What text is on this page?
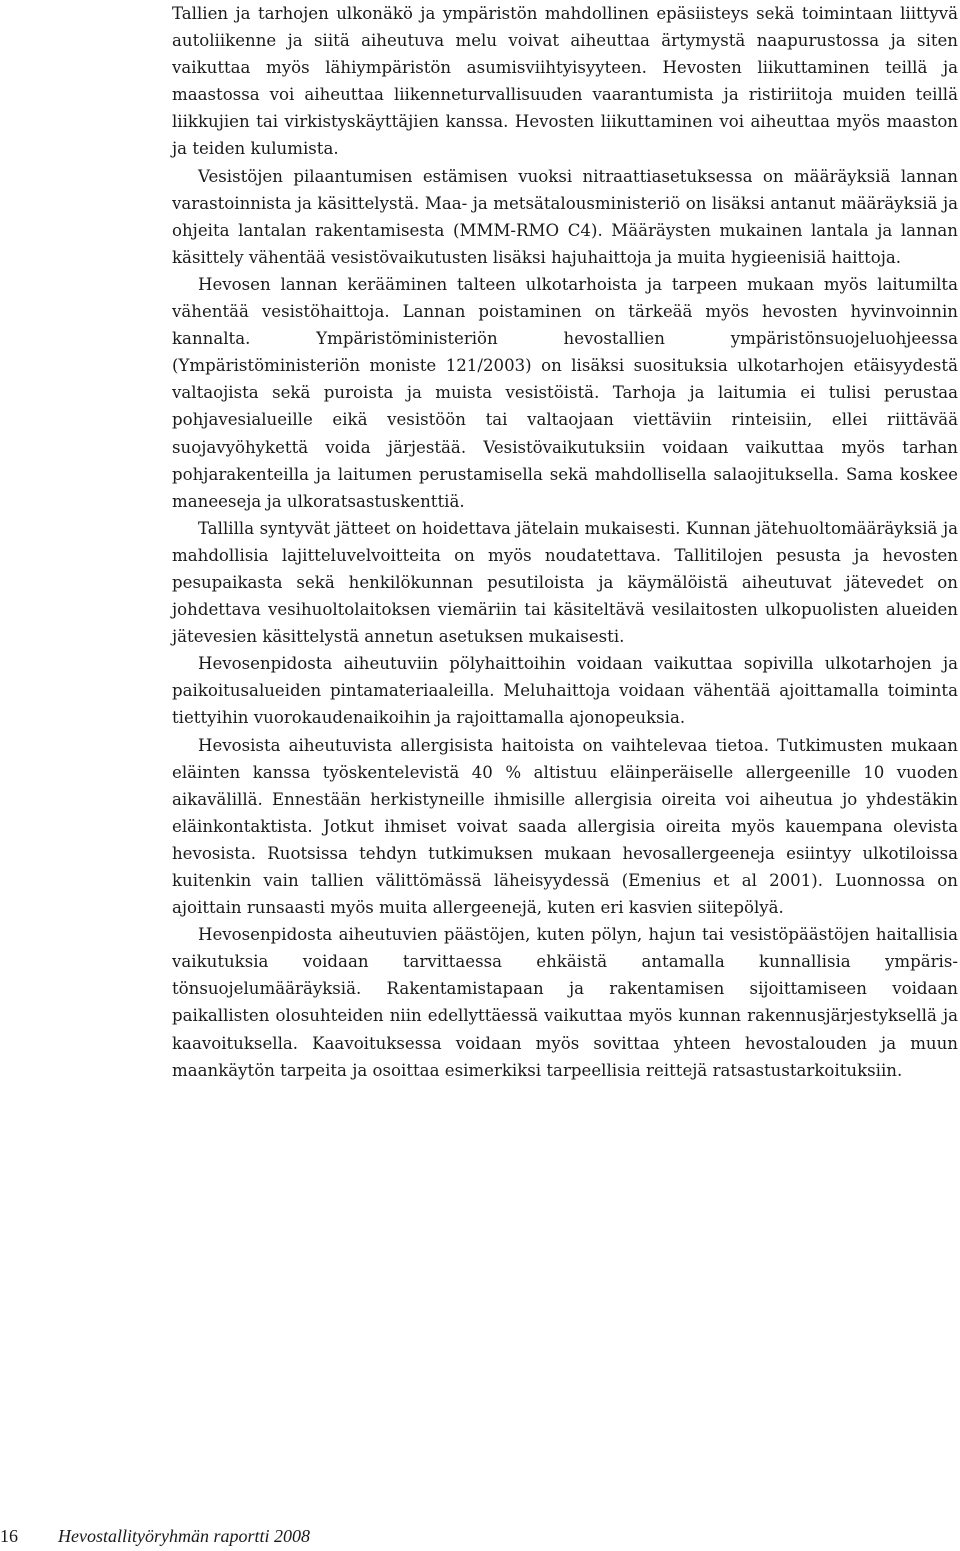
Tallien ja tarhojen ulkonäkö ja ympäristön mahdollinen epäsiisteys sekä toimintaan liittyvä autoliikenne ja siitä aiheutuva melu voivat aiheuttaa ärtymystä naapurustossa ja siten vaikuttaa myös lähiympäristön asumisviihtyisyyteen. Hevosten liikuttaminen teillä ja maastossa voi aiheuttaa liikenneturvallisuuden vaarantumista ja ristiriitoja muiden teillä liikkujien tai virkistyskäyttäjien kanssa. Hevosten liikuttaminen voi aiheuttaa myös maaston ja teiden kulumista.

Vesistöjen pilaantumisen estämisen vuoksi nitraattiasetuksessa on määräyksiä lannan varastoinnista ja käsittelystä. Maa- ja metsätalousministeriö on lisäksi antanut määräyksiä ja ohjeita lantalan rakentamisesta (MMM-RMO C4). Määräysten mukainen lantala ja lannan käsittely vähentää vesistövaikutusten lisäksi hajuhaittoja ja muita hygieenisiä haittoja.

Hevosen lannan kerääminen talteen ulkotarhoista ja tarpeen mukaan myös laitumilta vähentää vesistöhaittoja. Lannan poistaminen on tärkeää myös hevosten hyvinvoinnin kannalta. Ympäristöministeriön hevostallien ympäristönsuojeluohjeessa (Ympäristöministeriön moniste 121/2003) on lisäksi suosituksia ulkotarhojen etäisyydestä valtaojista sekä puroista ja muista vesistöistä. Tarhoja ja laitumia ei tulisi perustaa pohjavesialueille eikä vesistöön tai valtaojaan viettäviin rinteisiin, ellei riittävää suojavyöhykettä voida järjestää. Vesistövaikutuksiin voidaan vaikuttaa myös tarhan pohjarakenteilla ja laitumen perustamisella sekä mahdollisella salaojituksella. Sama koskee maneeseja ja ulkoratsastuskenttiä.

Tallilla syntyvät jätteet on hoidettava jätelain mukaisesti. Kunnan jätehuoltomääräyksiä ja mahdollisia lajitteluvelvoitteita on myös noudatettava. Tallitilojen pesusta ja hevosten pesupaikasta sekä henkilökunnan pesutiloista ja käymälöistä aiheutuvat jätevedet on johdettava vesihuoltolaitoksen viemäriin tai käsiteltävä vesilaitosten ulkopuolisten alueiden jätevesien käsittelystä annetun asetuksen mukaisesti.

Hevosenpidosta aiheutuviin pölyhaittoihin voidaan vaikuttaa sopivilla ulkotarhojen ja paikoitusalueiden pintamateriaaleilla. Meluhaittoja voidaan vähentää ajoittamalla toiminta tiettyihin vuorokaudenaikoihin ja rajoittamalla ajonopeuksia.

Hevosista aiheutuvista allergisista haitoista on vaihtelevaa tietoa. Tutkimusten mukaan eläinten kanssa työskentelevistä 40 % altistuu eläinperäiselle allergeenille 10 vuoden aikavälillä. Ennestään herkistyneille ihmisille allergisia oireita voi aiheutua jo yhdestäkin eläinkontaktista. Jotkut ihmiset voivat saada allergisia oireita myös kauempana olevista hevosista. Ruotsissa tehdyn tutkimuksen mukaan hevosallergeeneja esiintyy ulkotiloissa kuitenkin vain tallien välittömässä läheisyydessä (Emenius et al 2001). Luonnossa on ajoittain runsaasti myös muita allergeenejä, kuten eri kasvien siitepölyä.

Hevosenpidosta aiheutuvien päästöjen, kuten pölyn, hajun tai vesistöpäästöjen haitallisia vaikutuksia voidaan tarvittaessa ehkäistä antamalla kunnallisia ympäristönsuojelumääräyksiä. Rakentamistapaan ja rakentamisen sijoittamiseen voidaan paikallisten olosuhteiden niin edellyttäessä vaikuttaa myös kunnan rakennusjärjestyksellä ja kaavoituksella. Kaavoituksessa voidaan myös sovittaa yhteen hevostalouden ja muun maankäytön tarpeita ja osoittaa esimerkiksi tarpeellisia reittejä ratsastustarkoituksiin.

16 Hevostallityöryhmän raportti 2008
